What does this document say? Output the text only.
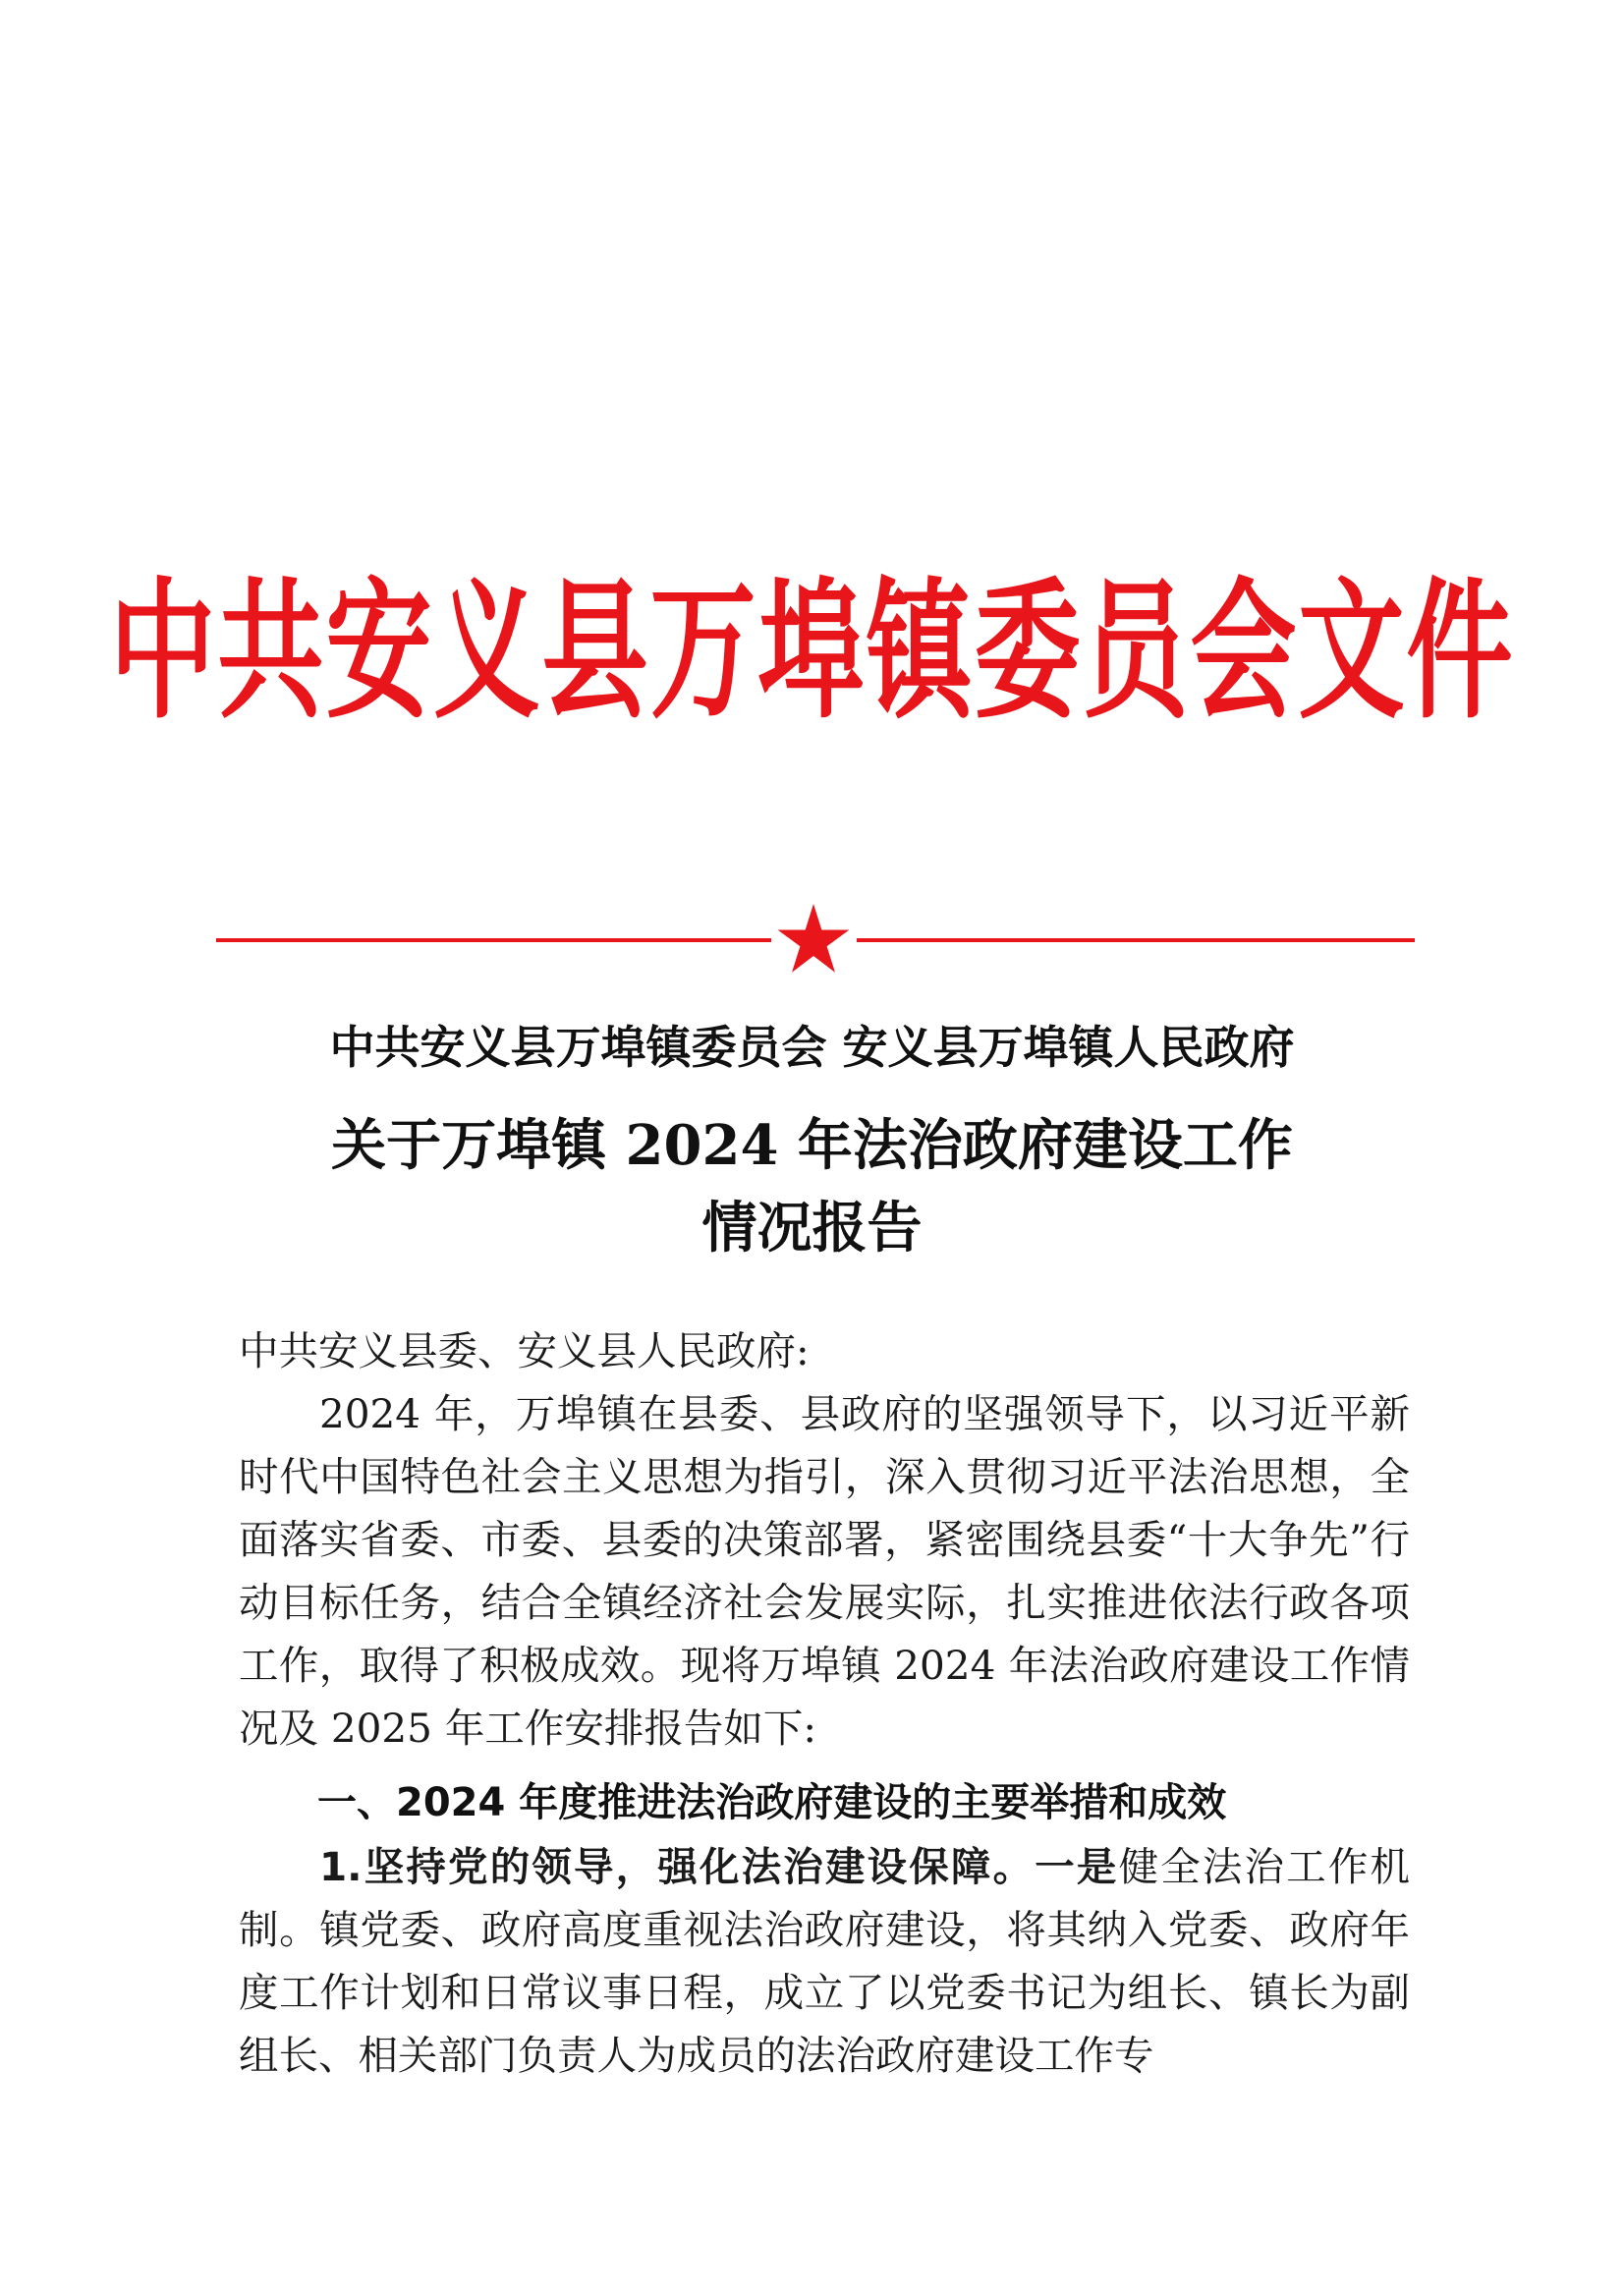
中共安义县万埠镇委员会文件
中共安义县万埠镇委员会 安义县万埠镇人民政府
关于万埠镇 2024 年法治政府建设工作
情况报告
中共安义县委、安义县人民政府:
2024 年，万埠镇在县委、县政府的坚强领导下，以习近平新时代中国特色社会主义思想为指引，深入贯彻习近平法治思想，全面落实省委、市委、县委的决策部署，紧密围绕县委“十大争先”行动目标任务，结合全镇经济社会发展实际，扎实推进依法行政各项工作，取得了积极成效。现将万埠镇 2024 年法治政府建设工作情况及 2025 年工作安排报告如下:
一、2024 年度推进法治政府建设的主要举措和成效
1.坚持党的领导，强化法治建设保障。一是健全法治工作机制。镇党委、政府高度重视法治政府建设，将其纳入党委、政府年度工作计划和日常议事日程，成立了以党委书记为组长、镇长为副组长、相关部门负责人为成员的法治政府建设工作专
